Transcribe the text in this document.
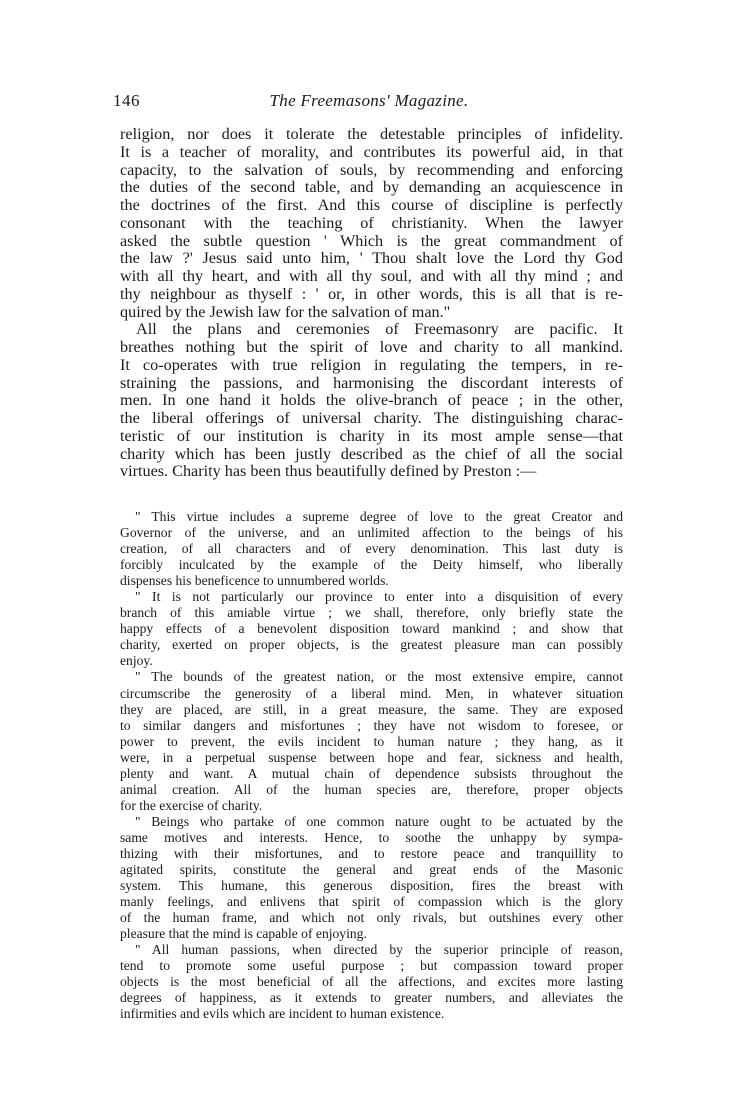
146	The Freemasons' Magazine.
religion, nor does it tolerate the detestable principles of infidelity.
It is a teacher of morality, and contributes its powerful aid, in that
capacity, to the salvation of souls, by recommending and enforcing
the duties of the second table, and by demanding an acquiescence in
the doctrines of the first. And this course of discipline is perfectly
consonant with the teaching of christianity. When the lawyer
asked the subtle question ' Which is the great commandment of
the law ?' Jesus said unto him, ' Thou shalt love the Lord thy God
with all thy heart, and with all thy soul, and with all thy mind ; and
thy neighbour as thyself : ' or, in other words, this is all that is re-
quired by the Jewish law for the salvation of man."
All the plans and ceremonies of Freemasonry are pacific. It
breathes nothing but the spirit of love and charity to all mankind.
It co-operates with true religion in regulating the tempers, in re-
straining the passions, and harmonising the discordant interests of
men. In one hand it holds the olive-branch of peace ; in the other,
the liberal offerings of universal charity. The distinguishing charac-
teristic of our institution is charity in its most ample sense—that
charity which has been justly described as the chief of all the social
virtues. Charity has been thus beautifully defined by Preston :—
" This virtue includes a supreme degree of love to the great Creator and
Governor of the universe, and an unlimited affection to the beings of his
creation, of all characters and of every denomination. This last duty is
forcibly inculcated by the example of the Deity himself, who liberally
dispenses his beneficence to unnumbered worlds.
" It is not particularly our province to enter into a disquisition of every
branch of this amiable virtue ; we shall, therefore, only briefly state the
happy effects of a benevolent disposition toward mankind ; and show that
charity, exerted on proper objects, is the greatest pleasure man can possibly
enjoy.
" The bounds of the greatest nation, or the most extensive empire, cannot
circumscribe the generosity of a liberal mind. Men, in whatever situation
they are placed, are still, in a great measure, the same. They are exposed
to similar dangers and misfortunes ; they have not wisdom to foresee, or
power to prevent, the evils incident to human nature ; they hang, as it
were, in a perpetual suspense between hope and fear, sickness and health,
plenty and want. A mutual chain of dependence subsists throughout the
animal creation. All of the human species are, therefore, proper objects
for the exercise of charity.
" Beings who partake of one common nature ought to be actuated by the
same motives and interests. Hence, to soothe the unhappy by sympa-
thizing with their misfortunes, and to restore peace and tranquillity to
agitated spirits, constitute the general and great ends of the Masonic
system. This humane, this generous disposition, fires the breast with
manly feelings, and enlivens that spirit of compassion which is the glory
of the human frame, and which not only rivals, but outshines every other
pleasure that the mind is capable of enjoying.
" All human passions, when directed by the superior principle of reason,
tend to promote some useful purpose ; but compassion toward proper
objects is the most beneficial of all the affections, and excites more lasting
degrees of happiness, as it extends to greater numbers, and alleviates the
infirmities and evils which are incident to human existence.
